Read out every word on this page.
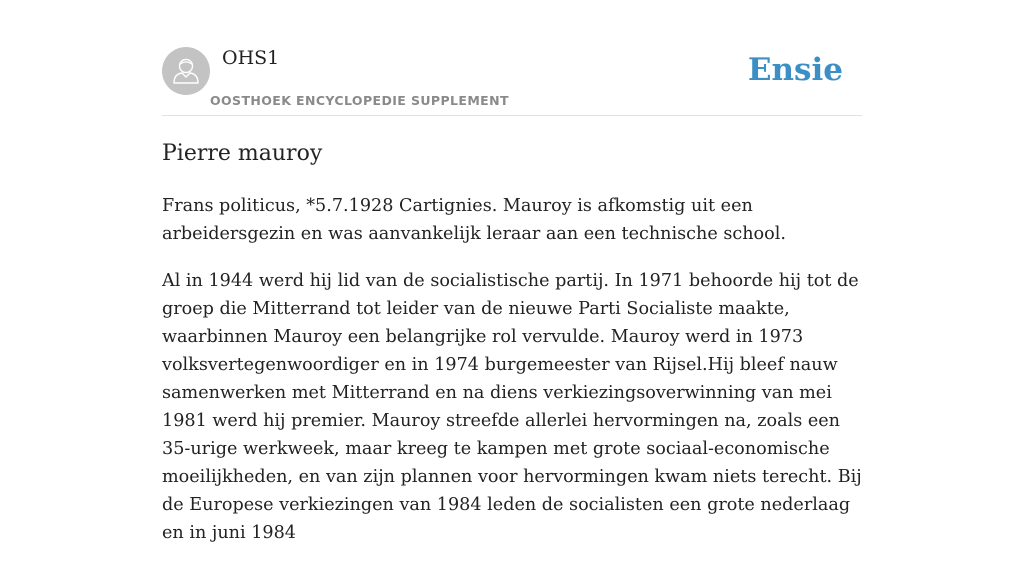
OHS1
OOSTHOEK ENCYCLOPEDIE SUPPLEMENT
Ensie
Pierre mauroy

Frans politicus, *5.7.1928 Cartignies. Mauroy is afkomstig uit een arbeidersgezin en was aanvankelijk leraar aan een technische school.

Al in 1944 werd hij lid van de socialistische partij. In 1971 behoorde hij tot de groep die Mitterrand tot leider van de nieuwe Parti Socialiste maakte, waarbinnen Mauroy een belangrijke rol vervulde. Mauroy werd in 1973 volksvertegenwoordiger en in 1974 burgemeester van Rijsel.Hij bleef nauw samenwerken met Mitterrand en na diens verkiezingsoverwinning van mei 1981 werd hij premier. Mauroy streefde allerlei hervormingen na, zoals een 35-urige werkweek, maar kreeg te kampen met grote sociaal-economische moeilijkheden, en van zijn plannen voor hervormingen kwam niets terecht. Bij de Europese verkiezingen van 1984 leden de socialisten een grote nederlaag en in juni 1984
